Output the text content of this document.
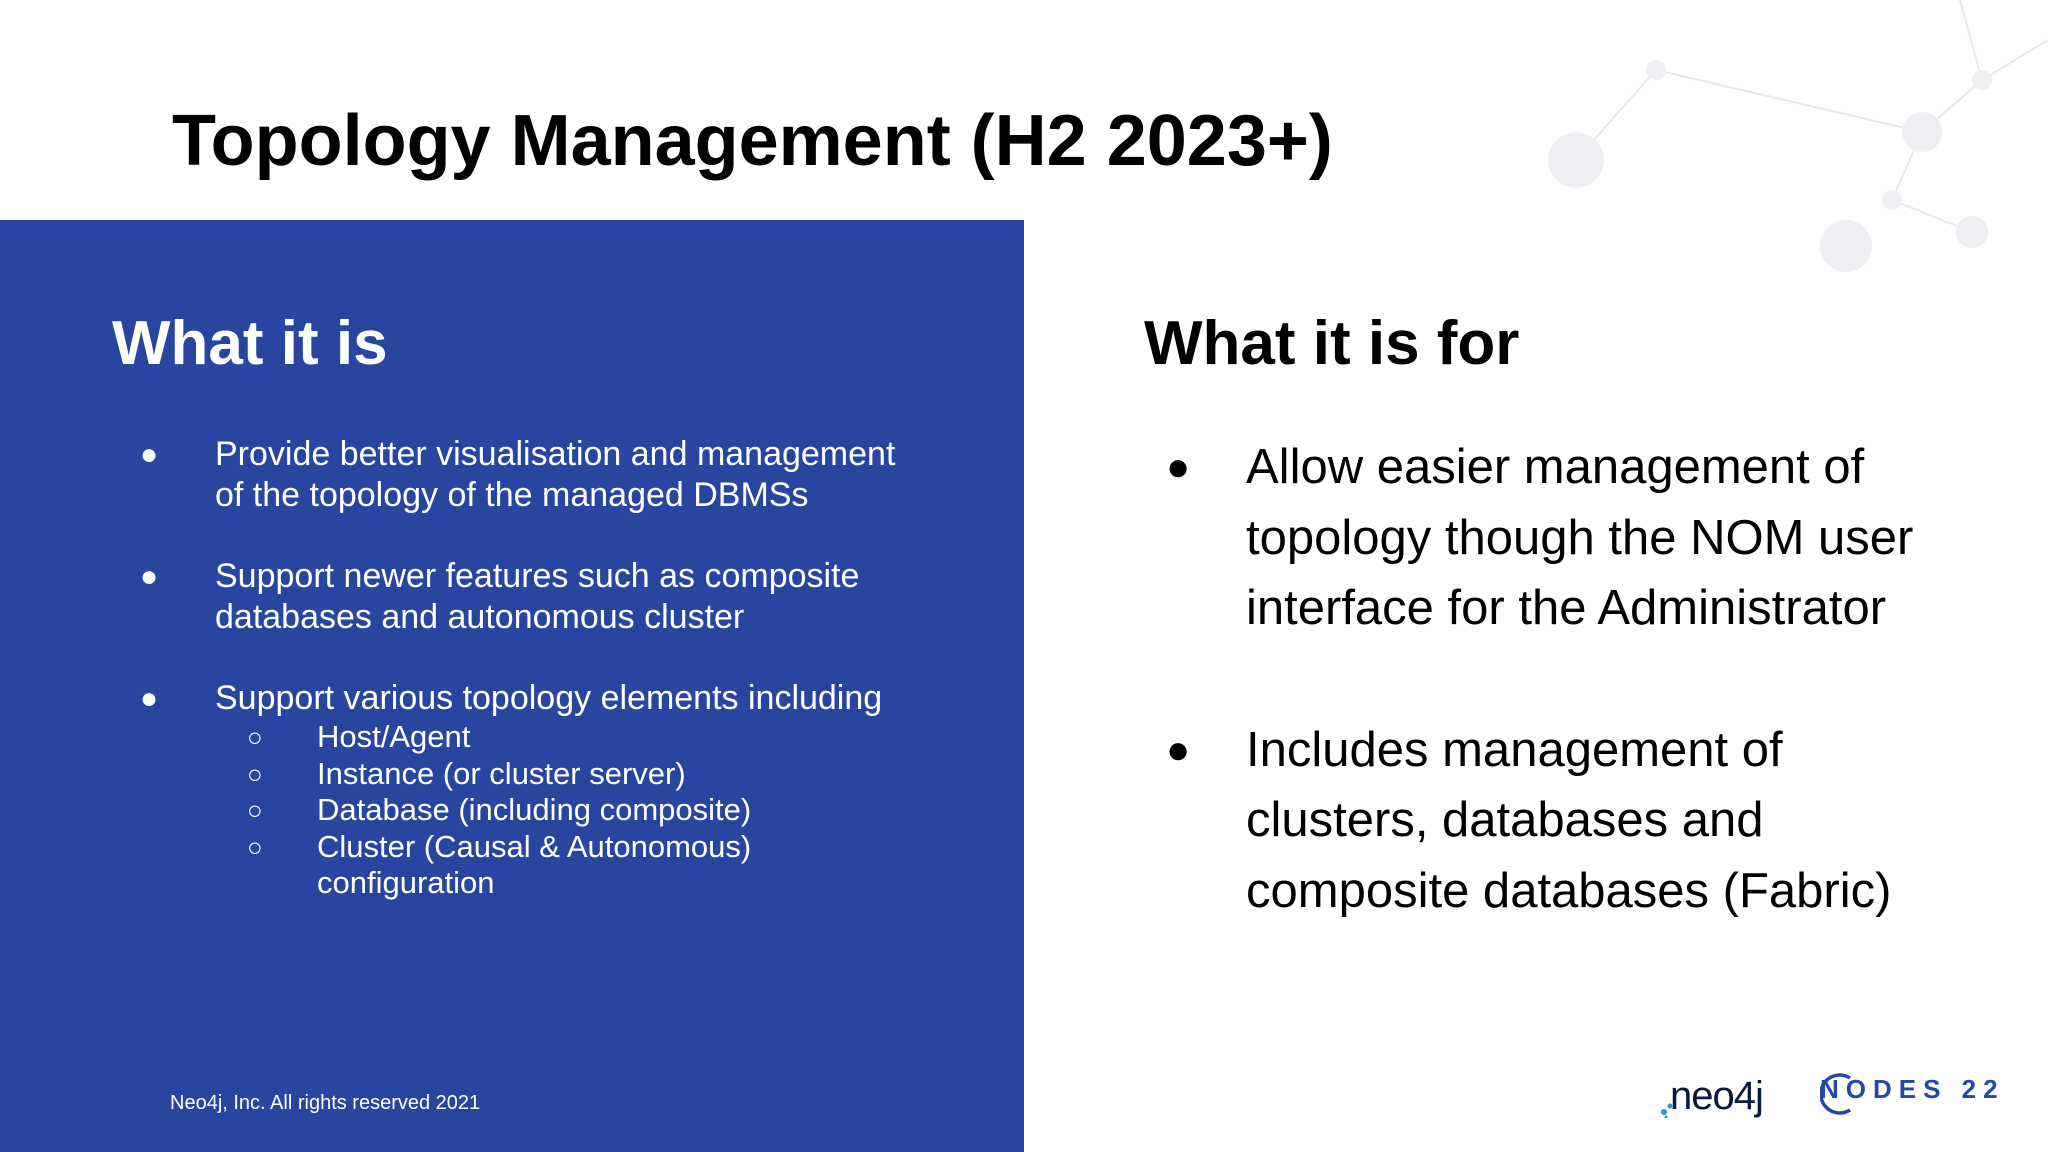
Topology Management (H2 2023+)
What it is
● Provide better visualisation and management of the topology of the managed DBMSs
● Support newer features such as composite databases and autonomous cluster
● Support various topology elements including
○ Host/Agent
○ Instance (or cluster server)
○ Database (including composite)
○ Cluster (Causal & Autonomous) configuration
Neo4j, Inc. All rights reserved 2021
What it is for
● Allow easier management of topology though the NOM user interface for the Administrator
● Includes management of clusters, databases and composite databases (Fabric)
neo4j NODES 22
